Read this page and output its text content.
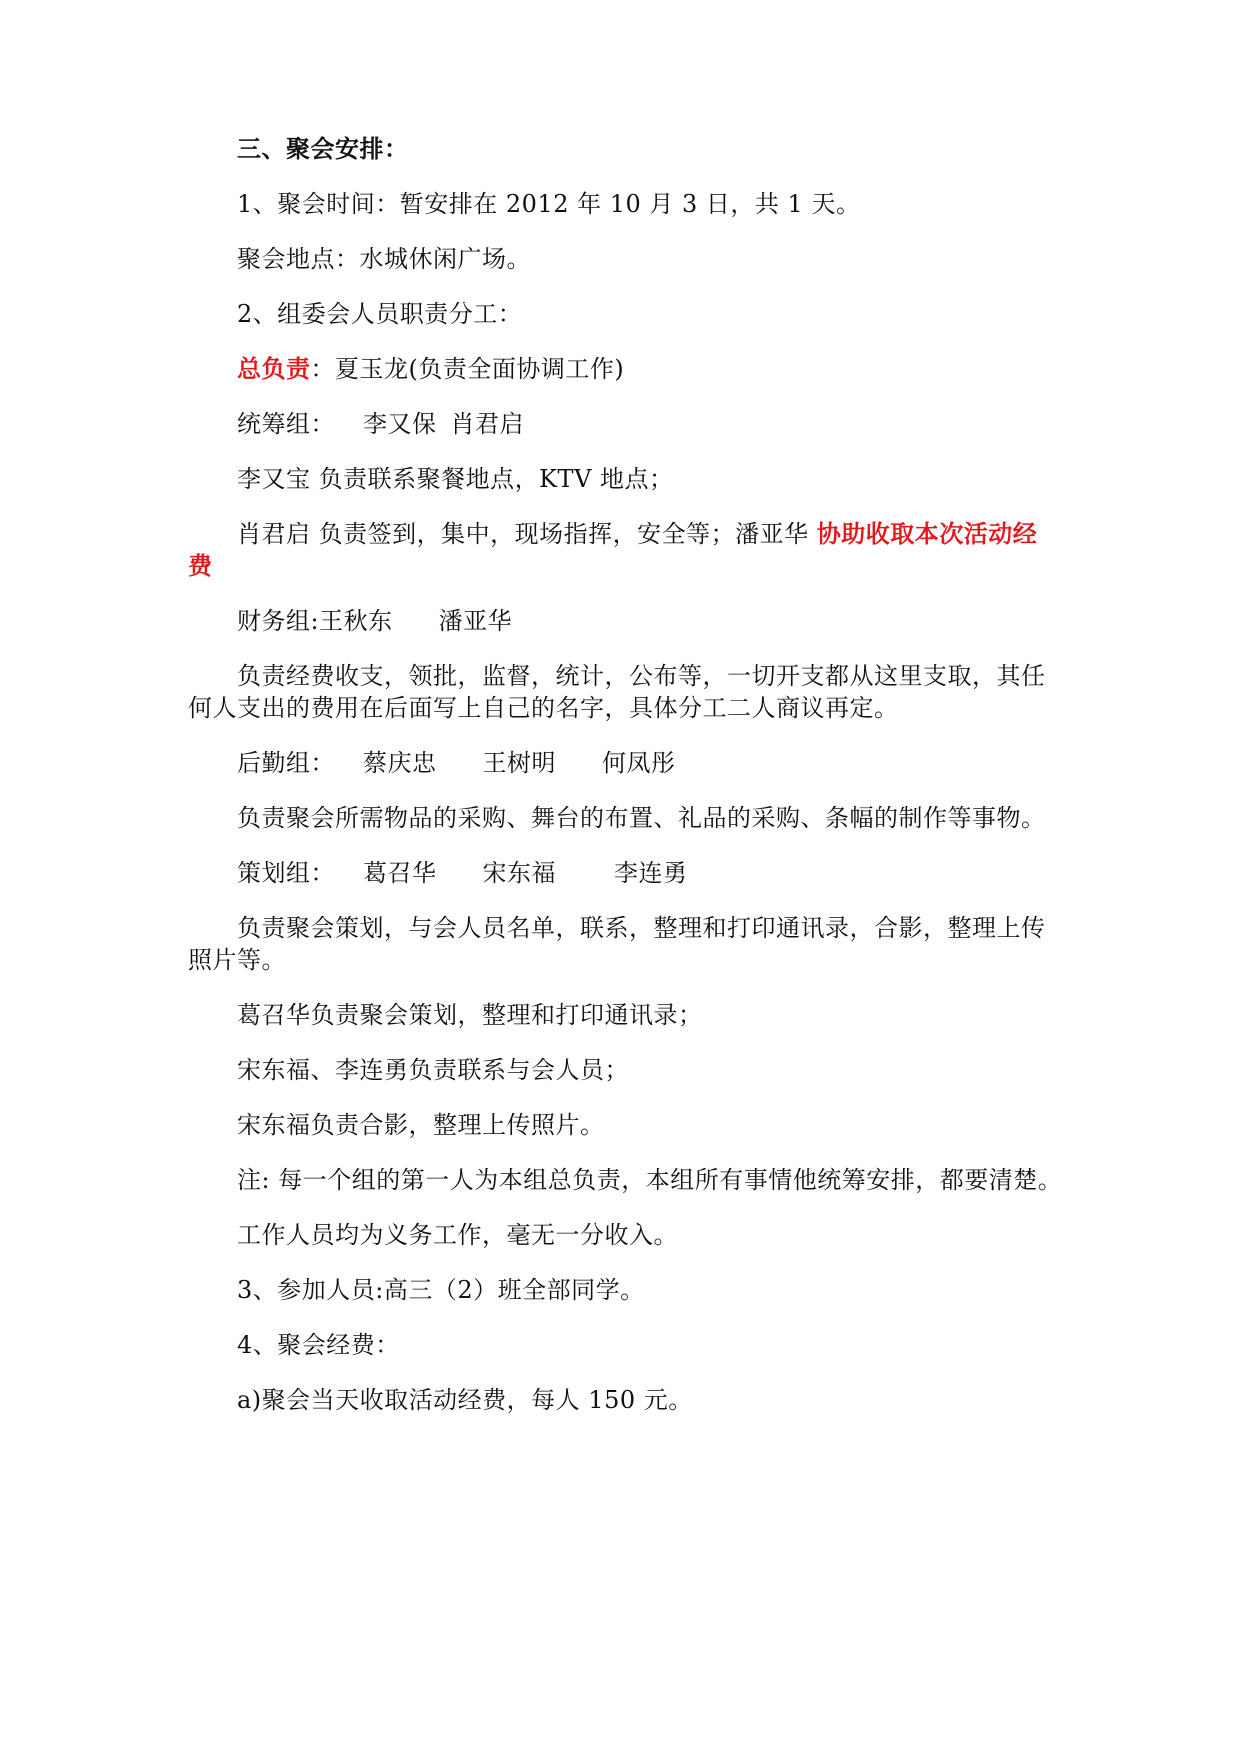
三、聚会安排：
1、聚会时间：暂安排在 2012 年 10 月 3 日，共 1 天。
聚会地点：水城休闲广场。
2、组委会人员职责分工：
总负责：夏玉龙(负责全面协调工作)
统筹组： 李又保 肖君启
李又宝 负责联系聚餐地点，KTV 地点；
肖君启 负责签到，集中，现场指挥，安全等；潘亚华 协助收取本次活动经费
财务组:王秋东 潘亚华
负责经费收支，领批，监督，统计，公布等，一切开支都从这里支取，其任何人支出的费用在后面写上自己的名字，具体分工二人商议再定。
后勤组： 蔡庆忠 王树明 何凤彤
负责聚会所需物品的采购、舞台的布置、礼品的采购、条幅的制作等事物。
策划组： 葛召华 宋东福 李连勇
负责聚会策划，与会人员名单，联系，整理和打印通讯录，合影，整理上传照片等。
葛召华负责聚会策划，整理和打印通讯录；
宋东福、李连勇负责联系与会人员；
宋东福负责合影，整理上传照片。
注: 每一个组的第一人为本组总负责，本组所有事情他统筹安排，都要清楚。
工作人员均为义务工作，毫无一分收入。
3、参加人员:高三（2）班全部同学。
4、聚会经费：
a)聚会当天收取活动经费，每人 150 元。
